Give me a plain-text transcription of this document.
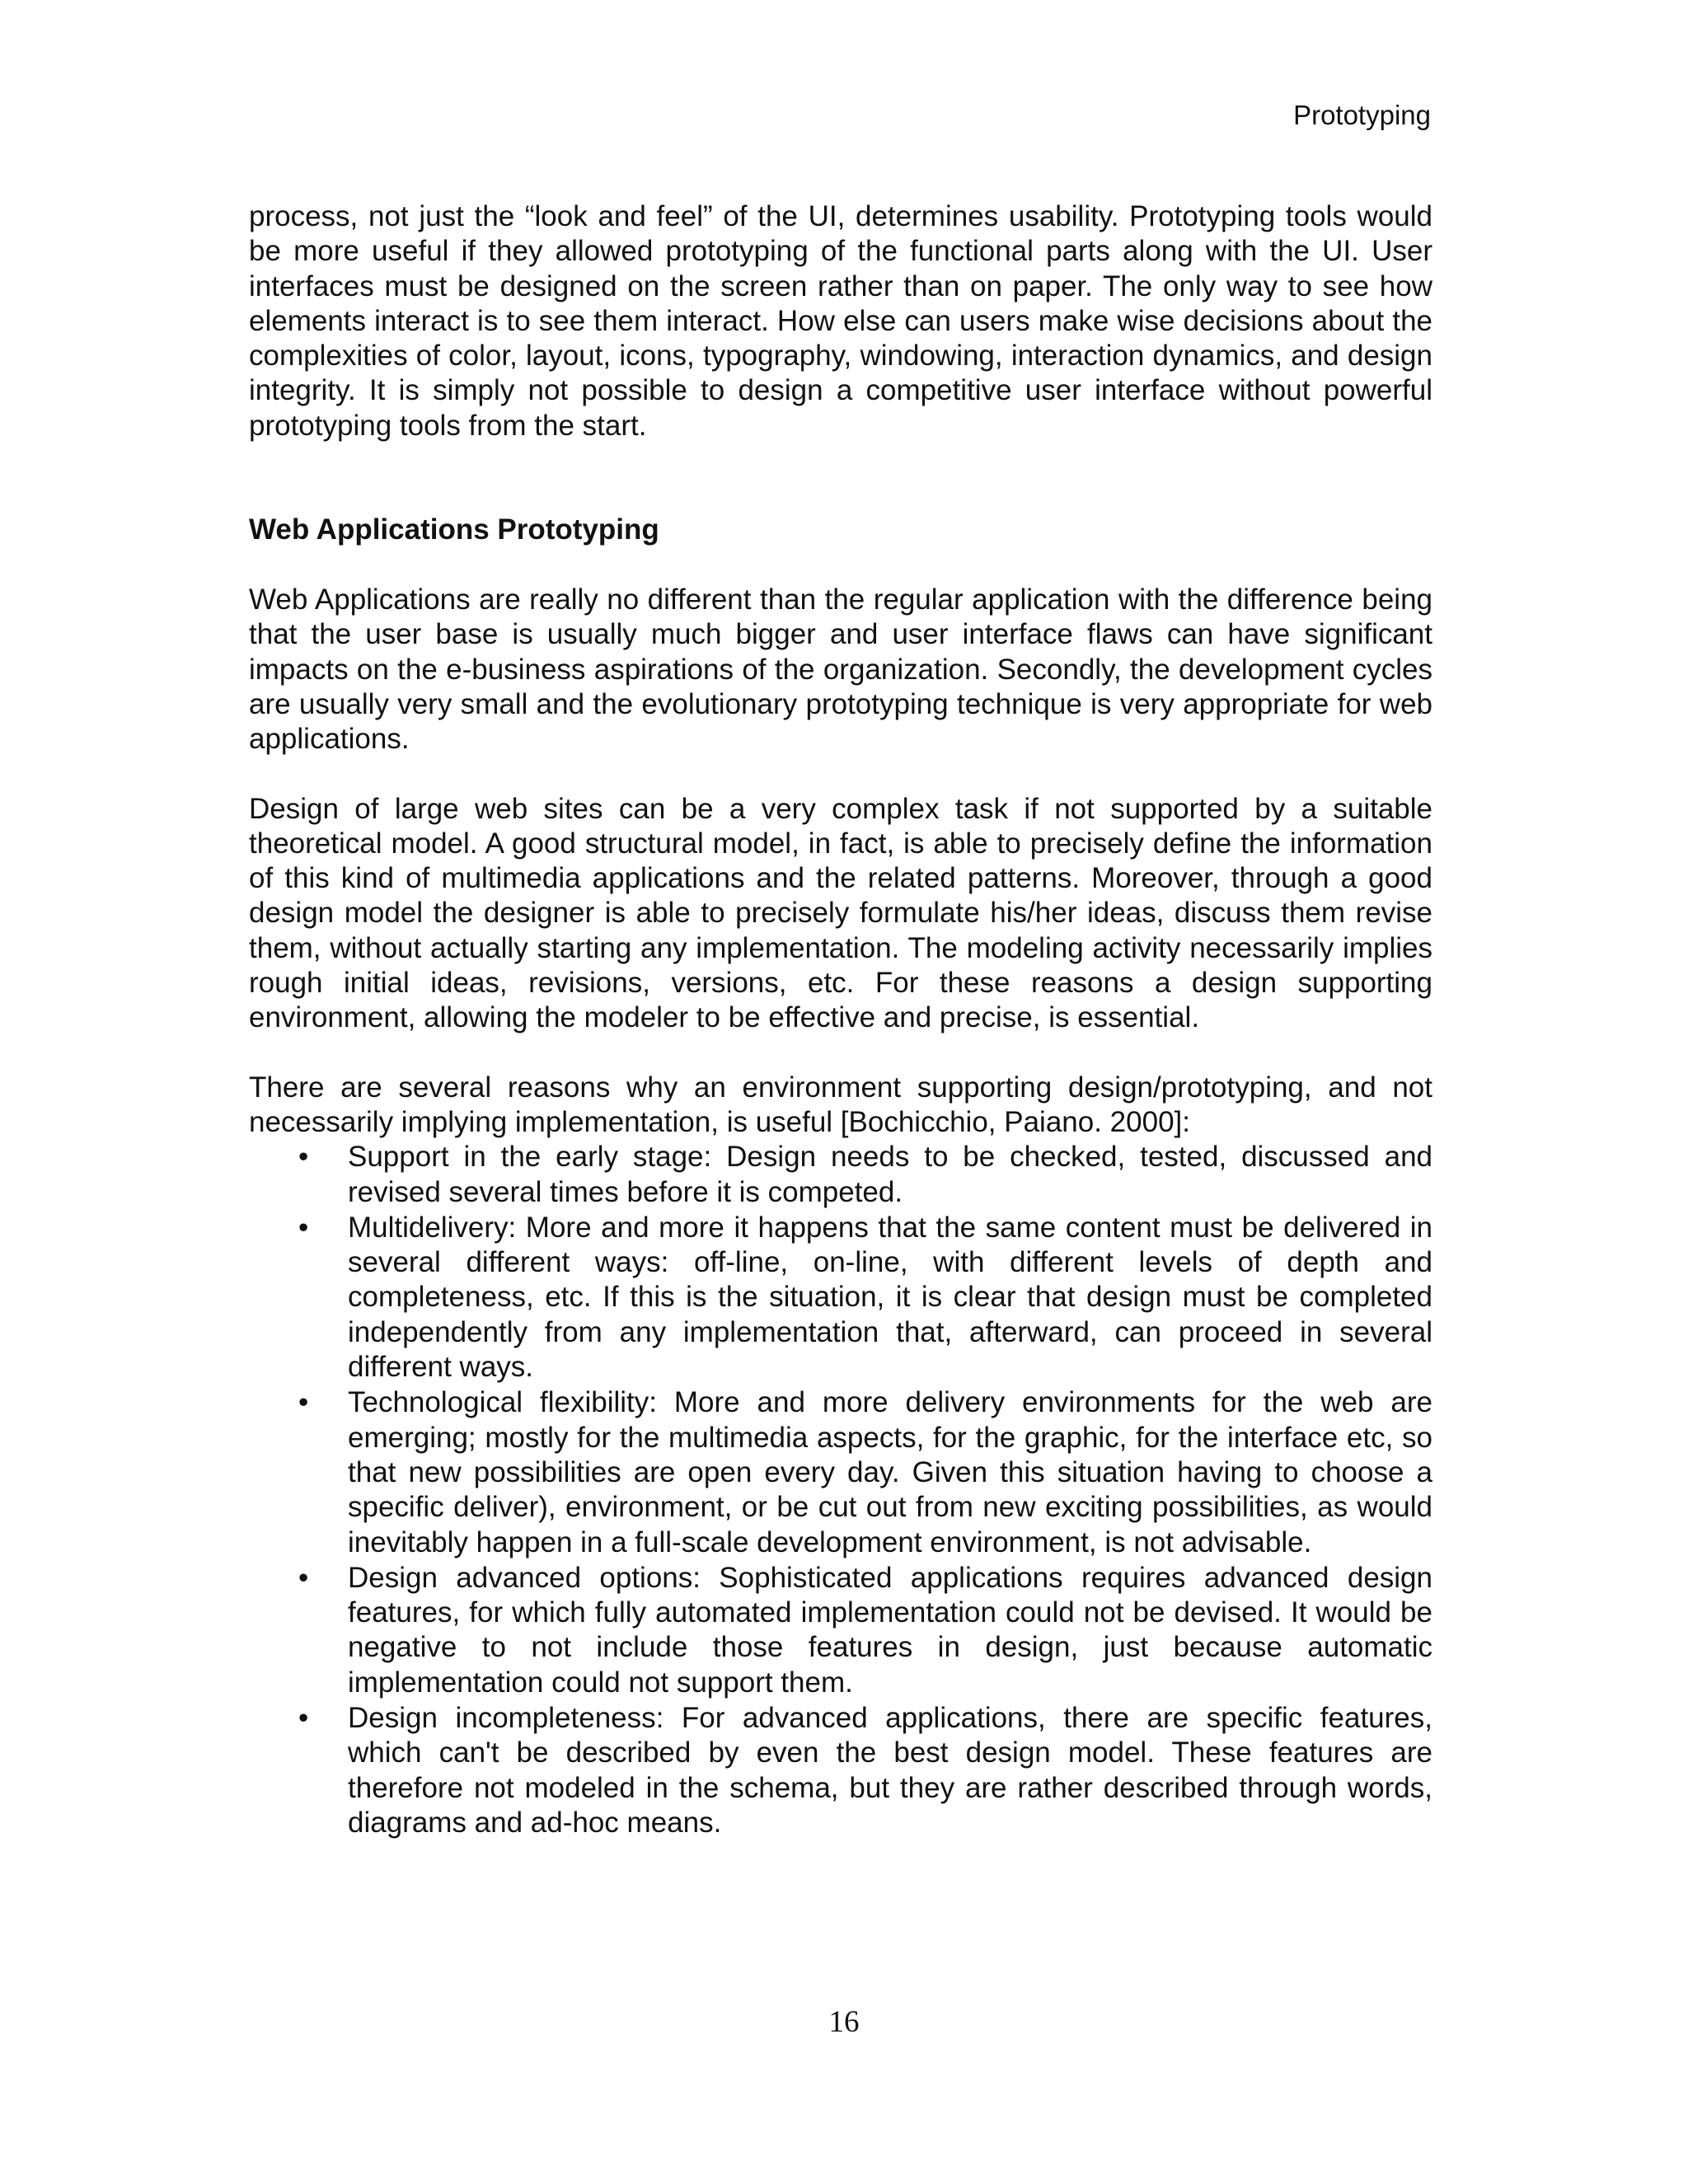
Prototyping

process, not just the “look and feel” of the UI, determines usability. Prototyping tools would be more useful if they allowed prototyping of the functional parts along with the UI. User interfaces must be designed on the screen rather than on paper. The only way to see how elements interact is to see them interact. How else can users make wise decisions about the complexities of color, layout, icons, typography, windowing, interaction dynamics, and design integrity. It is simply not possible to design a competitive user interface without powerful prototyping tools from the start.

Web Applications Prototyping

Web Applications are really no different than the regular application with the difference being that the user base is usually much bigger and user interface flaws can have significant impacts on the e-business aspirations of the organization. Secondly, the development cycles are usually very small and the evolutionary prototyping technique is very appropriate for web applications.

Design of large web sites can be a very complex task if not supported by a suitable theoretical model. A good structural model, in fact, is able to precisely define the information of this kind of multimedia applications and the related patterns. Moreover, through a good design model the designer is able to precisely formulate his/her ideas, discuss them revise them, without actually starting any implementation. The modeling activity necessarily implies rough initial ideas, revisions, versions, etc. For these reasons a design supporting environment, allowing the modeler to be effective and precise, is essential.

There are several reasons why an environment supporting design/prototyping, and not necessarily implying implementation, is useful [Bochicchio, Paiano. 2000]:

•	Support in the early stage: Design needs to be checked, tested, discussed and revised several times before it is competed.
•	Multidelivery: More and more it happens that the same content must be delivered in several different ways: off-line, on-line, with different levels of depth and completeness, etc. If this is the situation, it is clear that design must be completed independently from any implementation that, afterward, can proceed in several different ways.
•	Technological flexibility: More and more delivery environments for the web are emerging; mostly for the multimedia aspects, for the graphic, for the interface etc, so that new possibilities are open every day. Given this situation having to choose a specific deliver), environment, or be cut out from new exciting possibilities, as would inevitably happen in a full-scale development environment, is not advisable.
•	Design advanced options: Sophisticated applications requires advanced design features, for which fully automated implementation could not be devised. It would be negative to not include those features in design, just because automatic implementation could not support them.
•	Design incompleteness: For advanced applications, there are specific features, which can't be described by even the best design model. These features are therefore not modeled in the schema, but they are rather described through words, diagrams and ad-hoc means.
16
